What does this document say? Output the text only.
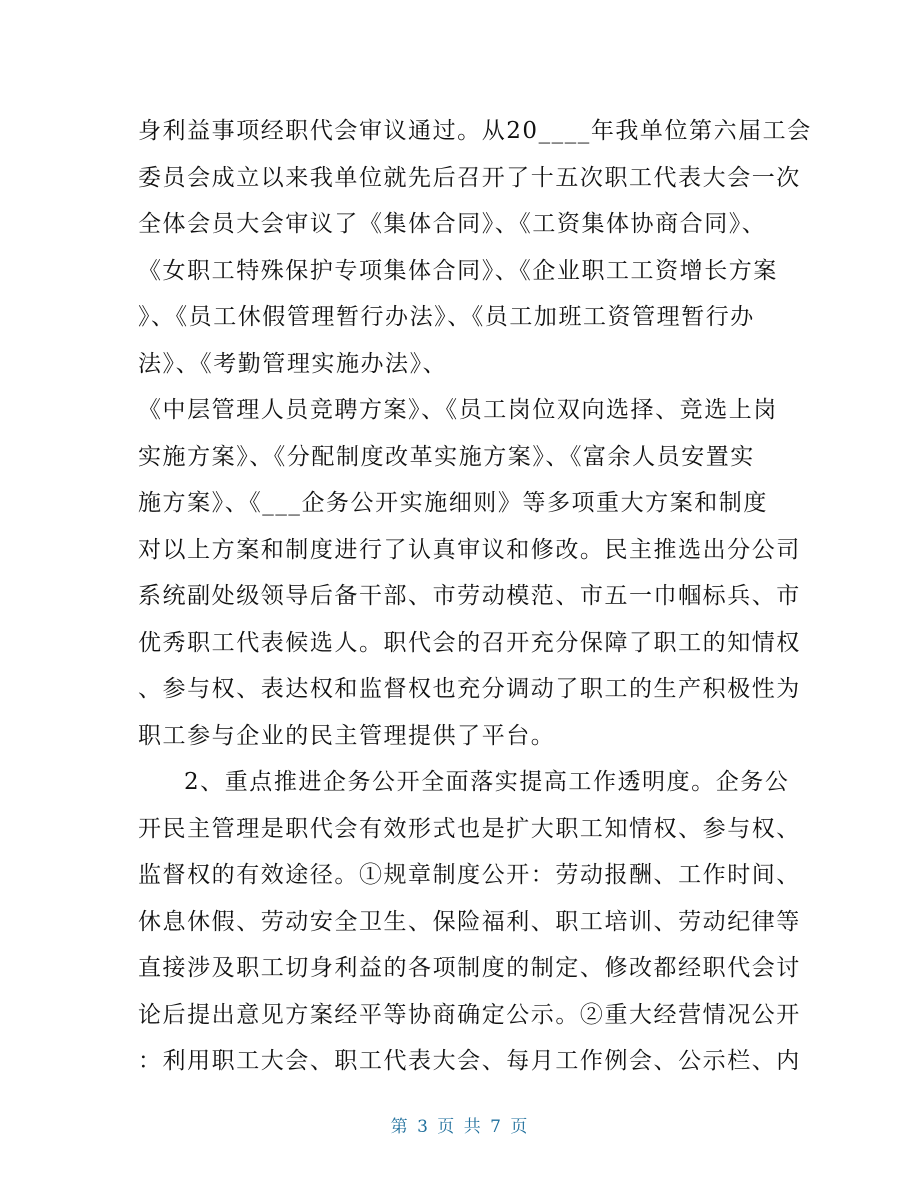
身利益事项经职代会审议通过。从20____年我单位第六届工会
委员会成立以来我单位就先后召开了十五次职工代表大会一次
全体会员大会审议了《集体合同》、《工资集体协商合同》、
《女职工特殊保护专项集体合同》、《企业职工工资增长方案
》、《员工休假管理暂行办法》、《员工加班工资管理暂行办
法》、《考勤管理实施办法》、
《中层管理人员竞聘方案》、《员工岗位双向选择、竞选上岗
实施方案》、《分配制度改革实施方案》、《富余人员安置实
施方案》、《___企务公开实施细则》等多项重大方案和制度
对以上方案和制度进行了认真审议和修改。民主推选出分公司
系统副处级领导后备干部、市劳动模范、市五一巾帼标兵、市
优秀职工代表候选人。职代会的召开充分保障了职工的知情权
、参与权、表达权和监督权也充分调动了职工的生产积极性为
职工参与企业的民主管理提供了平台。
2、重点推进企务公开全面落实提高工作透明度。企务公
开民主管理是职代会有效形式也是扩大职工知情权、参与权、
监督权的有效途径。①规章制度公开：劳动报酬、工作时间、
休息休假、劳动安全卫生、保险福利、职工培训、劳动纪律等
直接涉及职工切身利益的各项制度的制定、修改都经职代会讨
论后提出意见方案经平等协商确定公示。②重大经营情况公开
：利用职工大会、职工代表大会、每月工作例会、公示栏、内
第 3 页 共 7 页
